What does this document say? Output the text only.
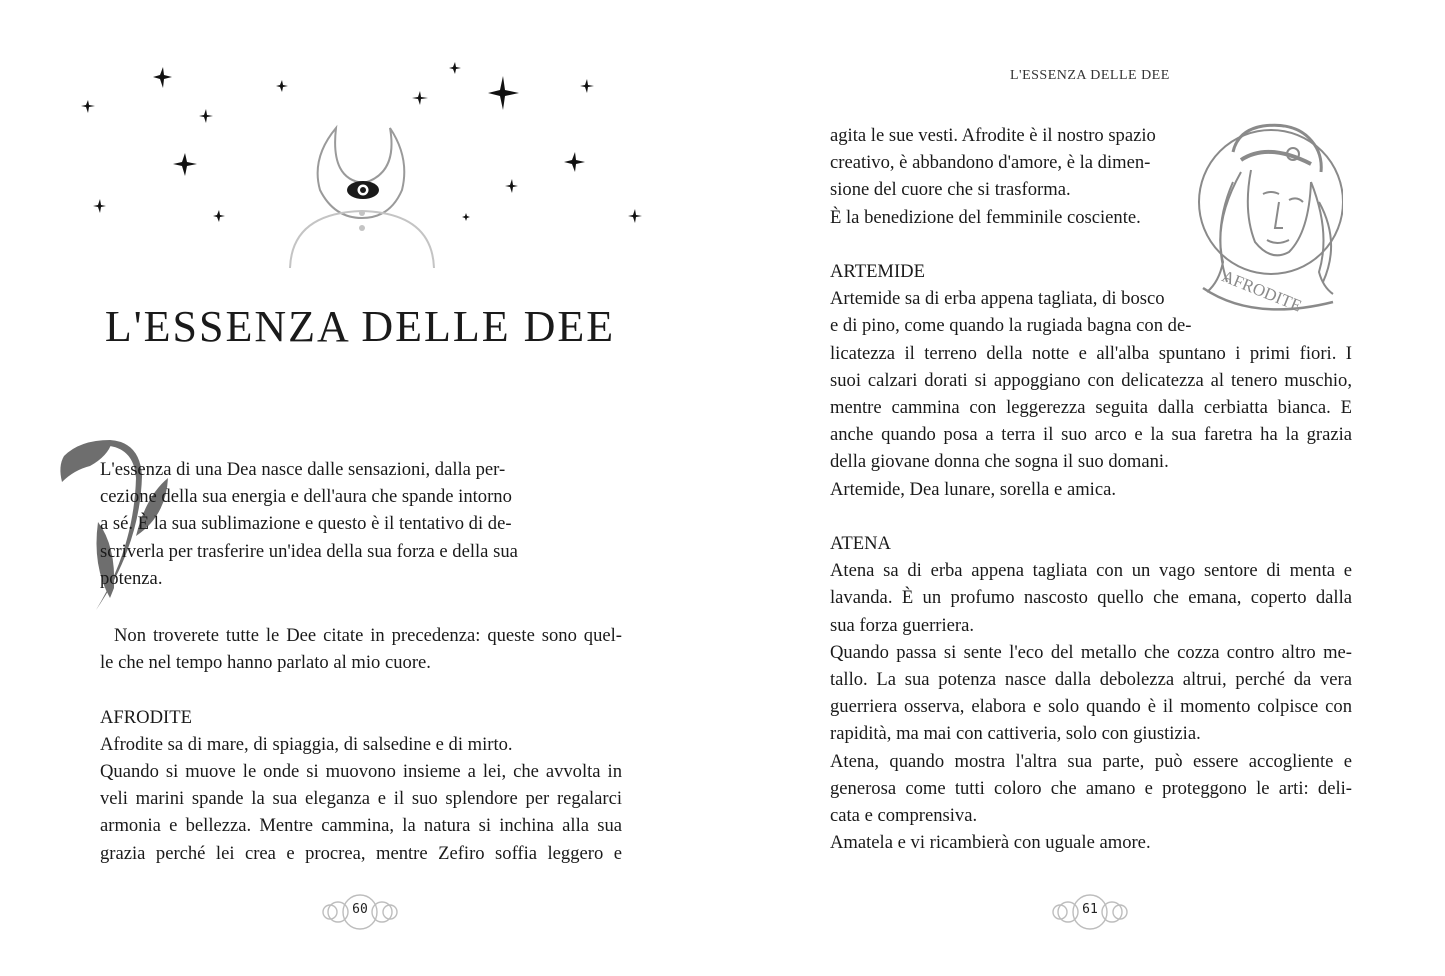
L'ESSENZA DELLE DEE
L'essenza di una Dea nasce dalle sensazioni, dalla per-
cezione della sua energia e dell'aura che spande intorno
a sé. È la sua sublimazione e questo è il tentativo di de-
scriverla per trasferire un'idea della sua forza e della sua
potenza.
Non troverete tutte le Dee citate in precedenza: queste sono quel-
le che nel tempo hanno parlato al mio cuore.

AFRODITE
Afrodite sa di mare, di spiaggia, di salsedine e di mirto.
Quando si muove le onde si muovono insieme a lei, che avvolta in
veli marini spande la sua eleganza e il suo splendore per regalarci
armonia e bellezza. Mentre cammina, la natura si inchina alla sua
grazia perché lei crea e procrea, mentre Zefiro soffia leggero e
60
L'ESSENZA DELLE DEE
AFRODITE
agita le sue vesti. Afrodite è il nostro spazio
creativo, è abbandono d'amore, è la dimen-
sione del cuore che si trasforma.
È la benedizione del femminile cosciente.

ARTEMIDE
Artemide sa di erba appena tagliata, di bosco
e di pino, come quando la rugiada bagna con de-
licatezza il terreno della notte e all'alba spuntano i primi fiori. I
suoi calzari dorati si appoggiano con delicatezza al tenero muschio,
mentre cammina con leggerezza seguita dalla cerbiatta bianca. E
anche quando posa a terra il suo arco e la sua faretra ha la grazia
della giovane donna che sogna il suo domani.
Artemide, Dea lunare, sorella e amica.

ATENA
Atena sa di erba appena tagliata con un vago sentore di menta e
lavanda. È un profumo nascosto quello che emana, coperto dalla
sua forza guerriera.
Quando passa si sente l'eco del metallo che cozza contro altro me-
tallo. La sua potenza nasce dalla debolezza altrui, perché da vera
guerriera osserva, elabora e solo quando è il momento colpisce con
rapidità, ma mai con cattiveria, solo con giustizia.
Atena, quando mostra l'altra sua parte, può essere accogliente e
generosa come tutti coloro che amano e proteggono le arti: deli-
cata e comprensiva.
Amatela e vi ricambierà con uguale amore.
61
